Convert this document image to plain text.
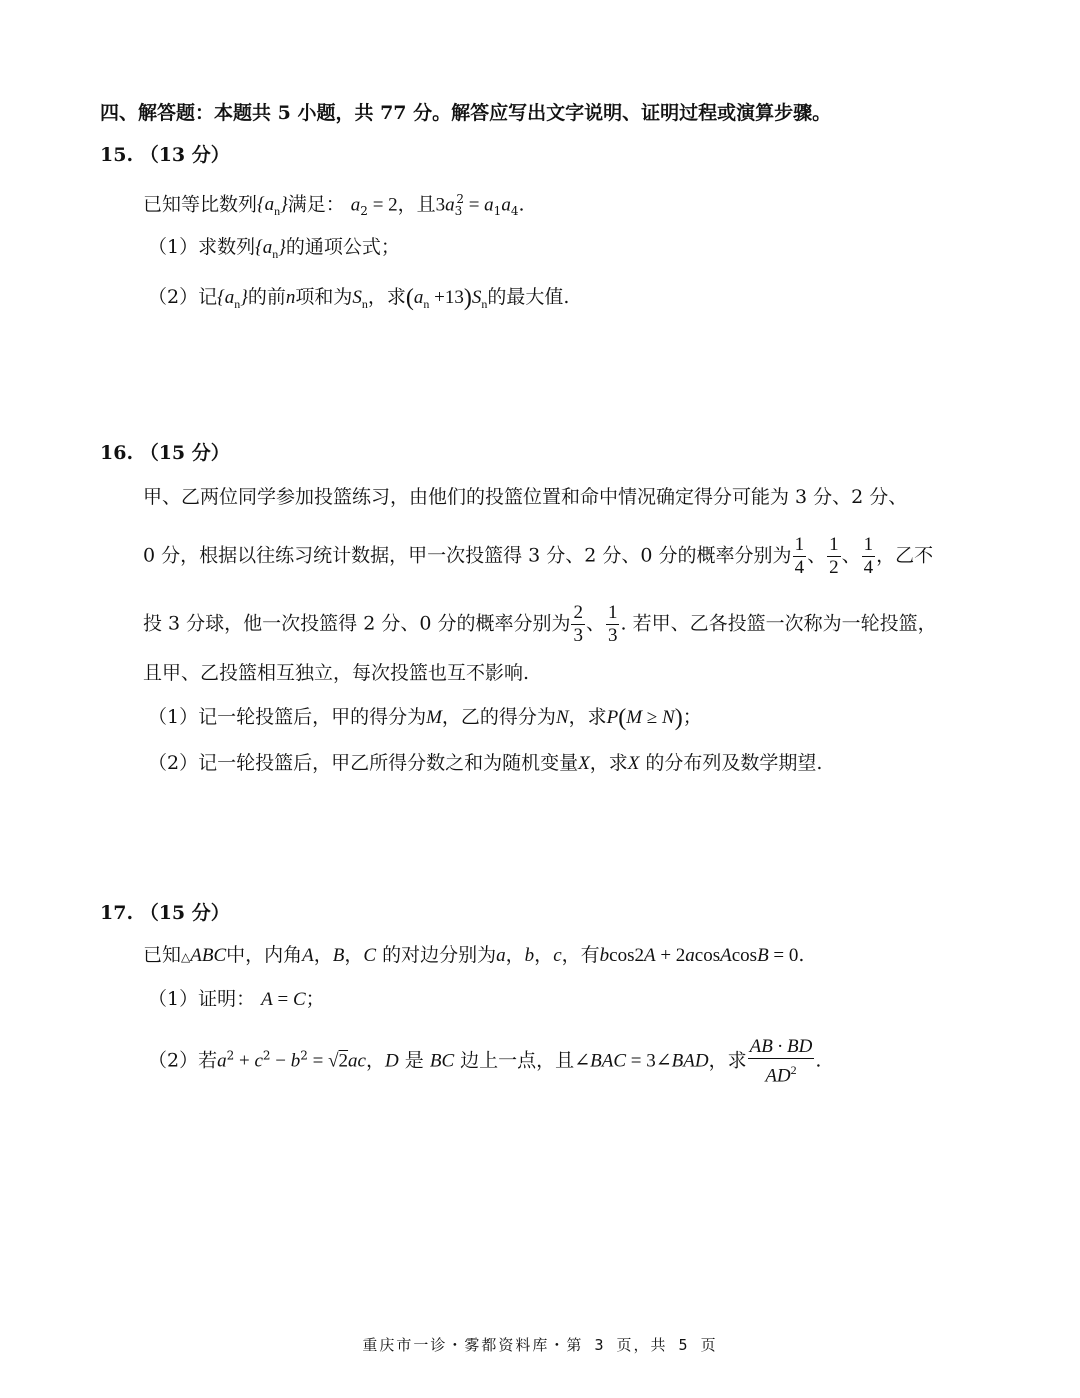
四、解答题：本题共 5 小题，共 77 分。解答应写出文字说明、证明过程或演算步骤。
15. （13 分）
已知等比数列$\{a_n\}$满足： $a_2 = 2$，且$3a_3^2 = a_1a_4$.
（1）求数列$\{a_n\}$的通项公式；
（2）记$\{a_n\}$的前n项和为$S_n$，求$(a_n +13)S_n$的最大值.
16. （15 分）
甲、乙两位同学参加投篮练习，由他们的投篮位置和命中情况确定得分可能为 3 分、2 分、
0 分，根据以往练习统计数据，甲一次投篮得 3 分、2 分、0 分的概率分别为 $\frac{1}{4}$ 、 $\frac{1}{2}$ 、 $\frac{1}{4}$ ，乙不
投 3 分球，他一次投篮得 2 分、0 分的概率分别为 $\frac{2}{3}$ 、 $\frac{1}{3}$ . 若甲、乙各投篮一次称为一轮投篮，
且甲、乙投篮相互独立，每次投篮也互不影响.
（1）记一轮投篮后，甲的得分为M，乙的得分为N，求P(M ≥ N)；
（2）记一轮投篮后，甲乙所得分数之和为随机变量X，求X 的分布列及数学期望.
17. （15 分）
已知△ABC中，内角A，B，C 的对边分别为a，b，c，有bcos2A + 2acosAcosB = 0.
（1）证明： A = C；
（2）若$a^2 + c^2 - b^2 = √2ac$，D 是 BC 边上一点，且∠BAC = 3∠BAD，求 $\frac{AB \cdot BD}{AD^2}$ .
重庆市一诊・雾都资料库・第 3 页，共 5 页
